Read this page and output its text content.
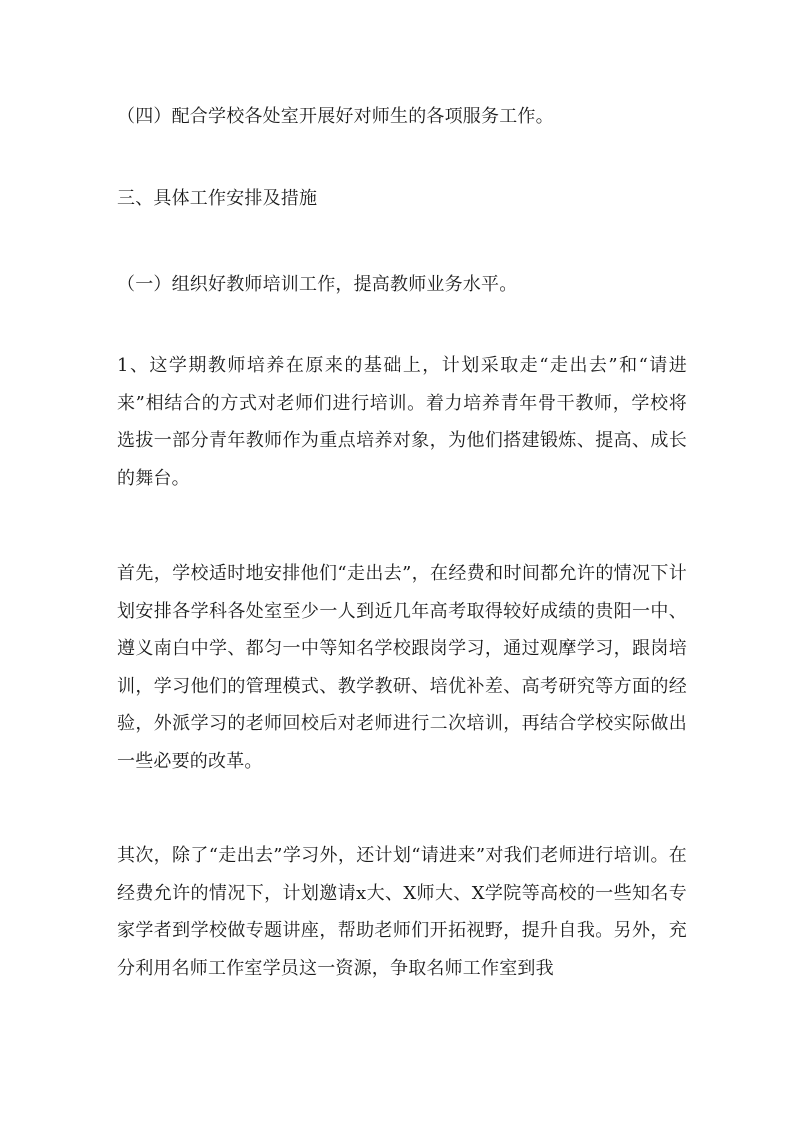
（四）配合学校各处室开展好对师生的各项服务工作。

三、具体工作安排及措施

（一）组织好教师培训工作，提高教师业务水平。

1、这学期教师培养在原来的基础上，计划采取走“走出去”和“请进来”相结合的方式对老师们进行培训。着力培养青年骨干教师，学校将选拔一部分青年教师作为重点培养对象，为他们搭建锻炼、提高、成长的舞台。

首先，学校适时地安排他们“走出去”，在经费和时间都允许的情况下计划安排各学科各处室至少一人到近几年高考取得较好成绩的贵阳一中、遵义南白中学、都匀一中等知名学校跟岗学习，通过观摩学习，跟岗培训，学习他们的管理模式、教学教研、培优补差、高考研究等方面的经验，外派学习的老师回校后对老师进行二次培训，再结合学校实际做出一些必要的改革。

其次，除了“走出去”学习外，还计划“请进来”对我们老师进行培训。在经费允许的情况下，计划邀请x大、X师大、X学院等高校的一些知名专家学者到学校做专题讲座，帮助老师们开拓视野，提升自我。另外，充分利用名师工作室学员这一资源，争取名师工作室到我
